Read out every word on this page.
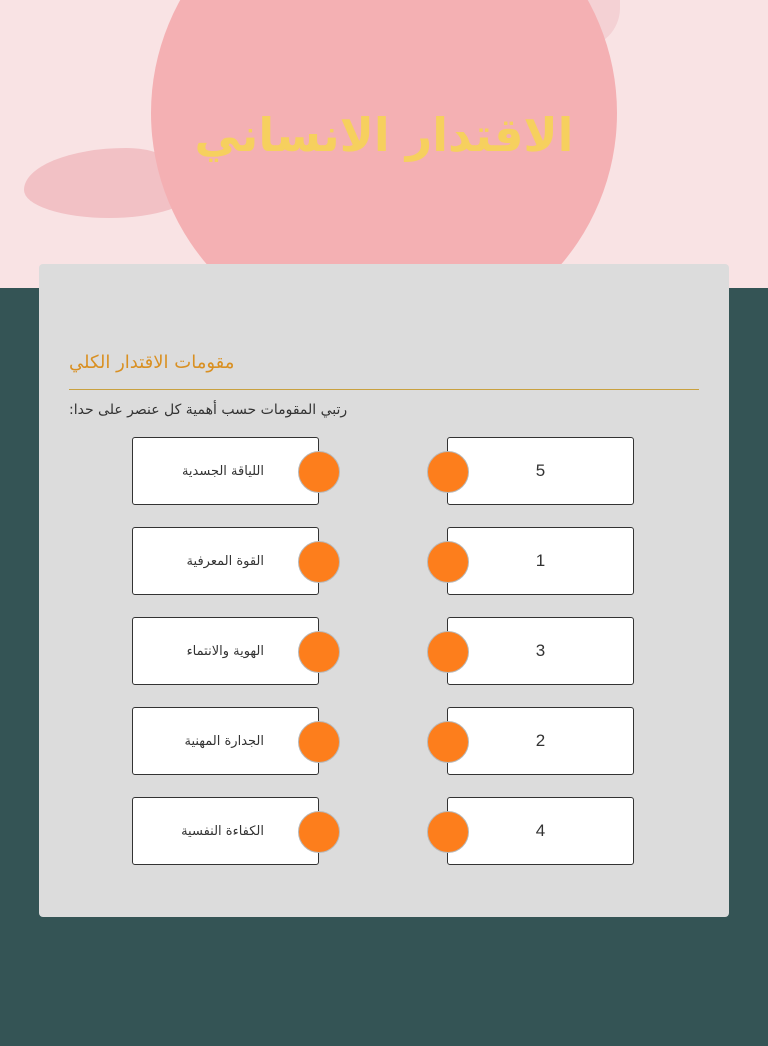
الاقتدار الانساني
مقومات الاقتدار الكلي

رتبي المقومات حسب أهمية كل عنصر على حدا:

اللياقة الجسدية	5
القوة المعرفية	1
الهوية والانتماء	3
الجدارة المهنية	2
الكفاءة النفسية	4
